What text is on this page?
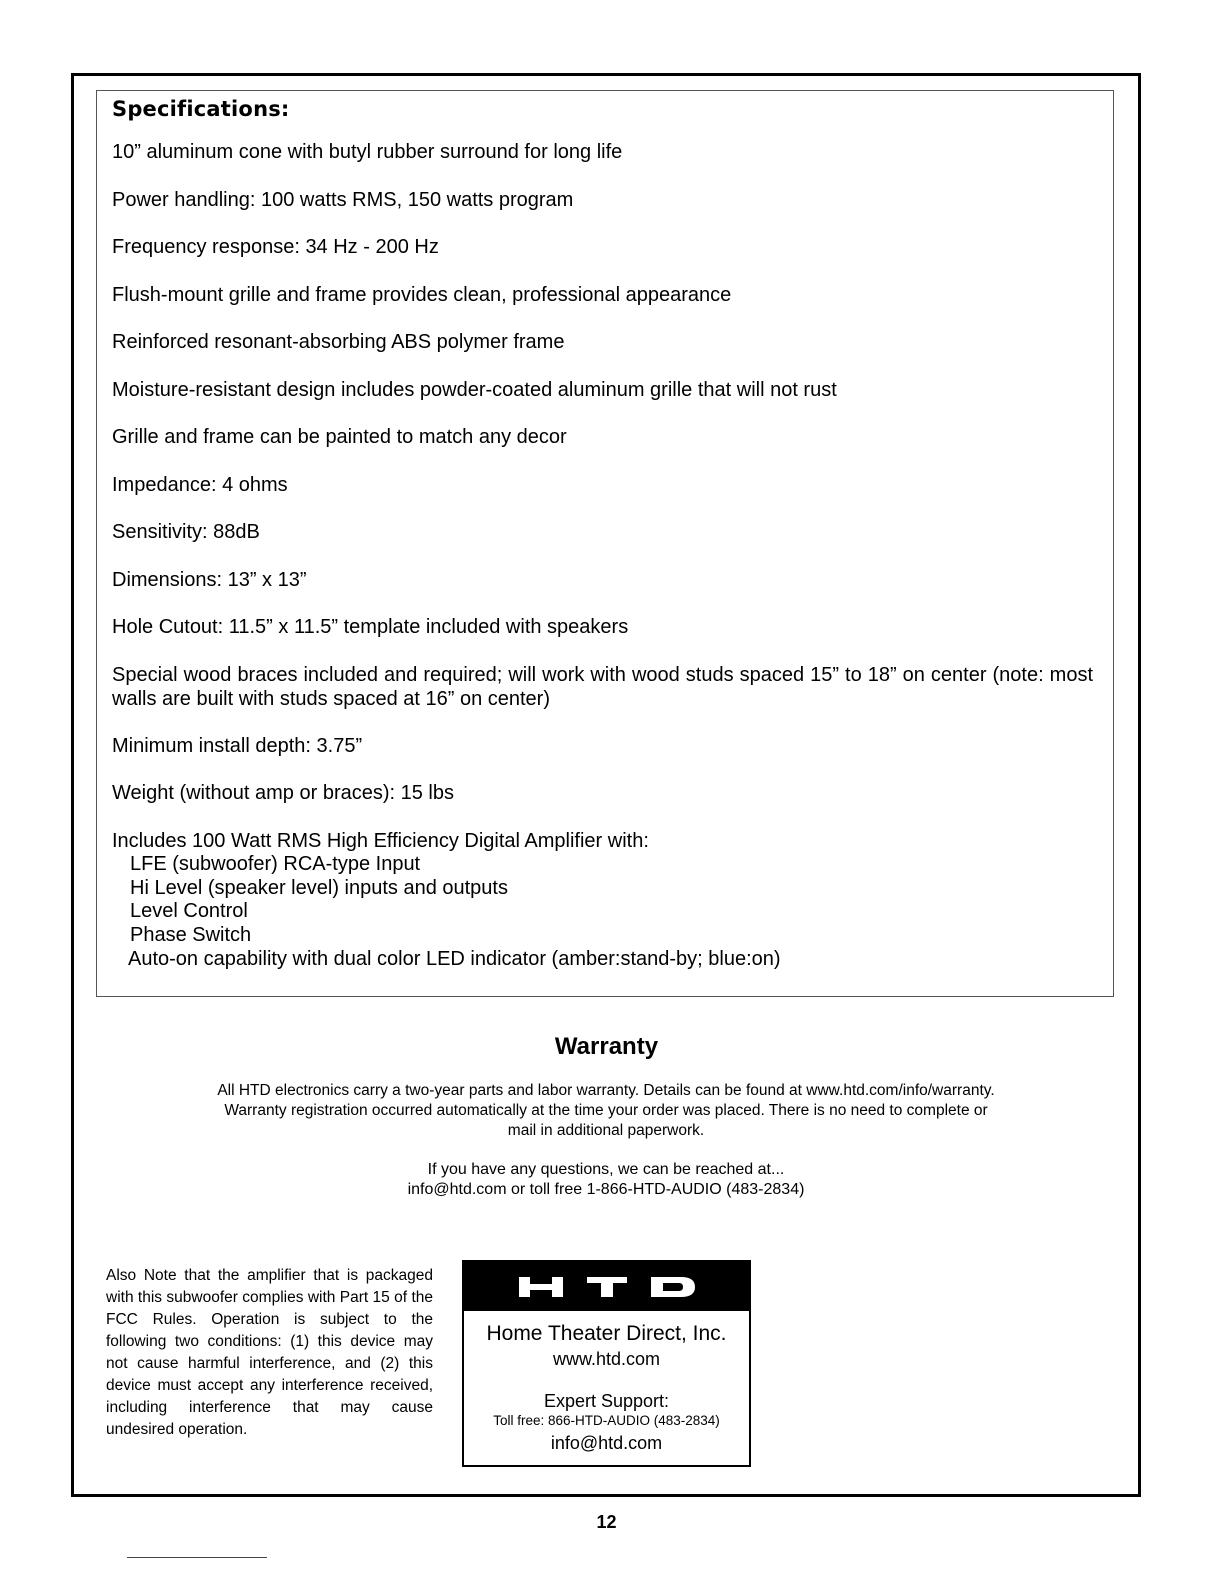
Specifications:
10” aluminum cone with butyl rubber surround for long life
Power handling: 100 watts RMS, 150 watts program
Frequency response: 34 Hz - 200 Hz
Flush-mount grille and frame provides clean, professional appearance
Reinforced resonant-absorbing ABS polymer frame
Moisture-resistant design includes powder-coated aluminum grille that will not rust
Grille and frame can be painted to match any decor
Impedance: 4 ohms
Sensitivity: 88dB
Dimensions: 13” x 13”
Hole Cutout: 11.5” x 11.5” template included with speakers
Special wood braces included and required; will work with wood studs spaced 15” to 18” on center (note: most walls are built with studs spaced at 16” on center)
Minimum install depth: 3.75”
Weight (without amp or braces): 15 lbs
Includes 100 Watt RMS High Efficiency Digital Amplifier with:
LFE (subwoofer) RCA-type Input
Hi Level (speaker level) inputs and outputs
Level Control
Phase Switch
Auto-on capability with dual color LED indicator (amber:stand-by; blue:on)
Warranty
All HTD electronics carry a two-year parts and labor warranty. Details can be found at www.htd.com/info/warranty.
Warranty registration occurred automatically at the time your order was placed. There is no need to complete or
mail in additional paperwork.
If you have any questions, we can be reached at...
info@htd.com or toll free 1-866-HTD-AUDIO (483-2834)
Also Note that the amplifier that is packaged with this subwoofer complies with Part 15 of the FCC Rules. Operation is subject to the following two conditions: (1) this device may not cause harmful interference, and (2) this device must accept any interference received, including interference that may cause
undesired operation.
Home Theater Direct, Inc.
www.htd.com
Expert Support:
Toll free: 866-HTD-AUDIO (483-2834)
info@htd.com
12
